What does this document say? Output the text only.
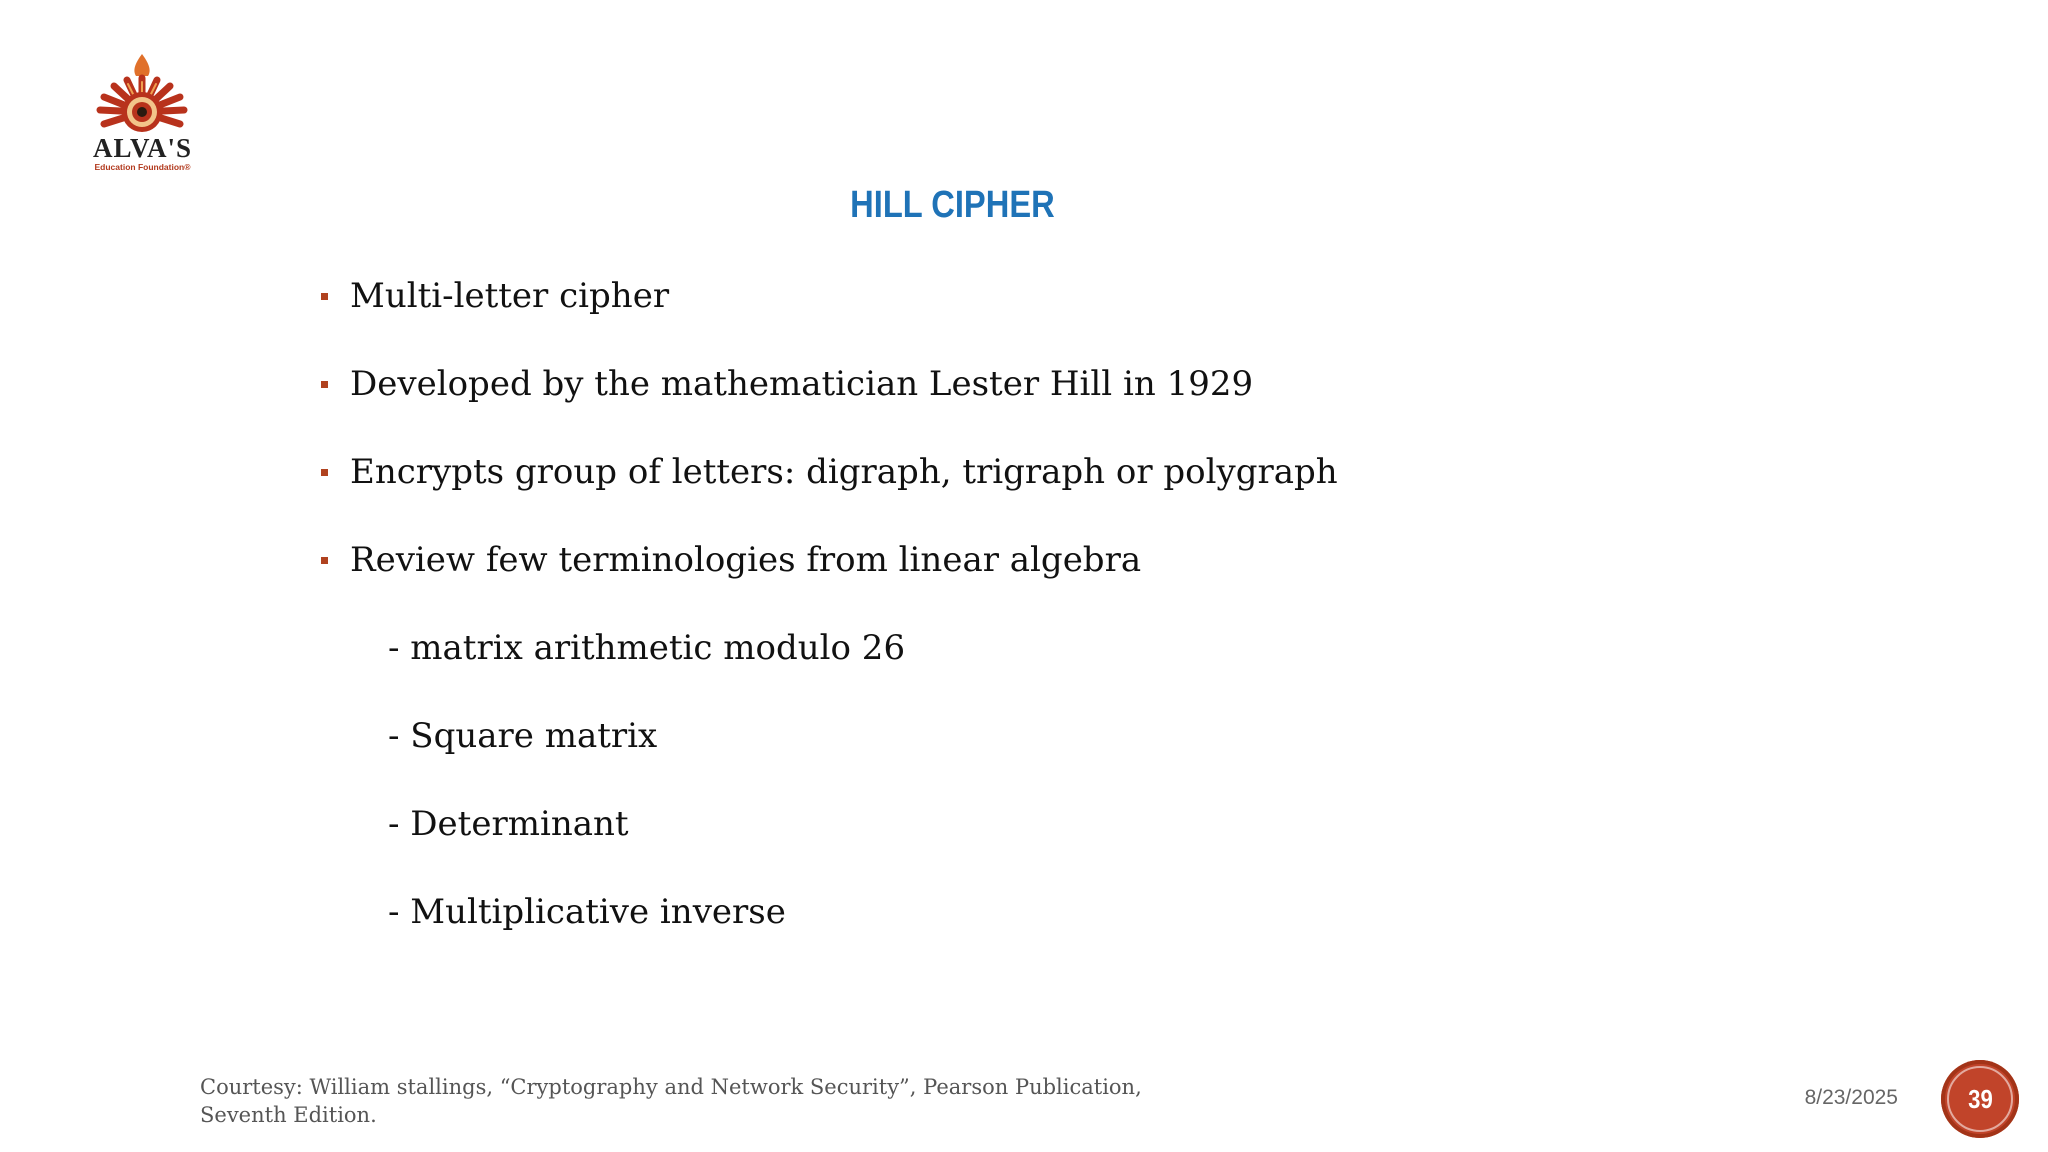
ALVA'S
Education Foundation®
HILL CIPHER
Multi-letter cipher
Developed by the mathematician Lester Hill in 1929
Encrypts group of letters: digraph, trigraph or polygraph
Review few terminologies from linear algebra
- matrix arithmetic modulo 26
- Square matrix
- Determinant
- Multiplicative inverse
Courtesy: William stallings, “Cryptography and Network Security”, Pearson Publication,
Seventh Edition.
8/23/2025	39
